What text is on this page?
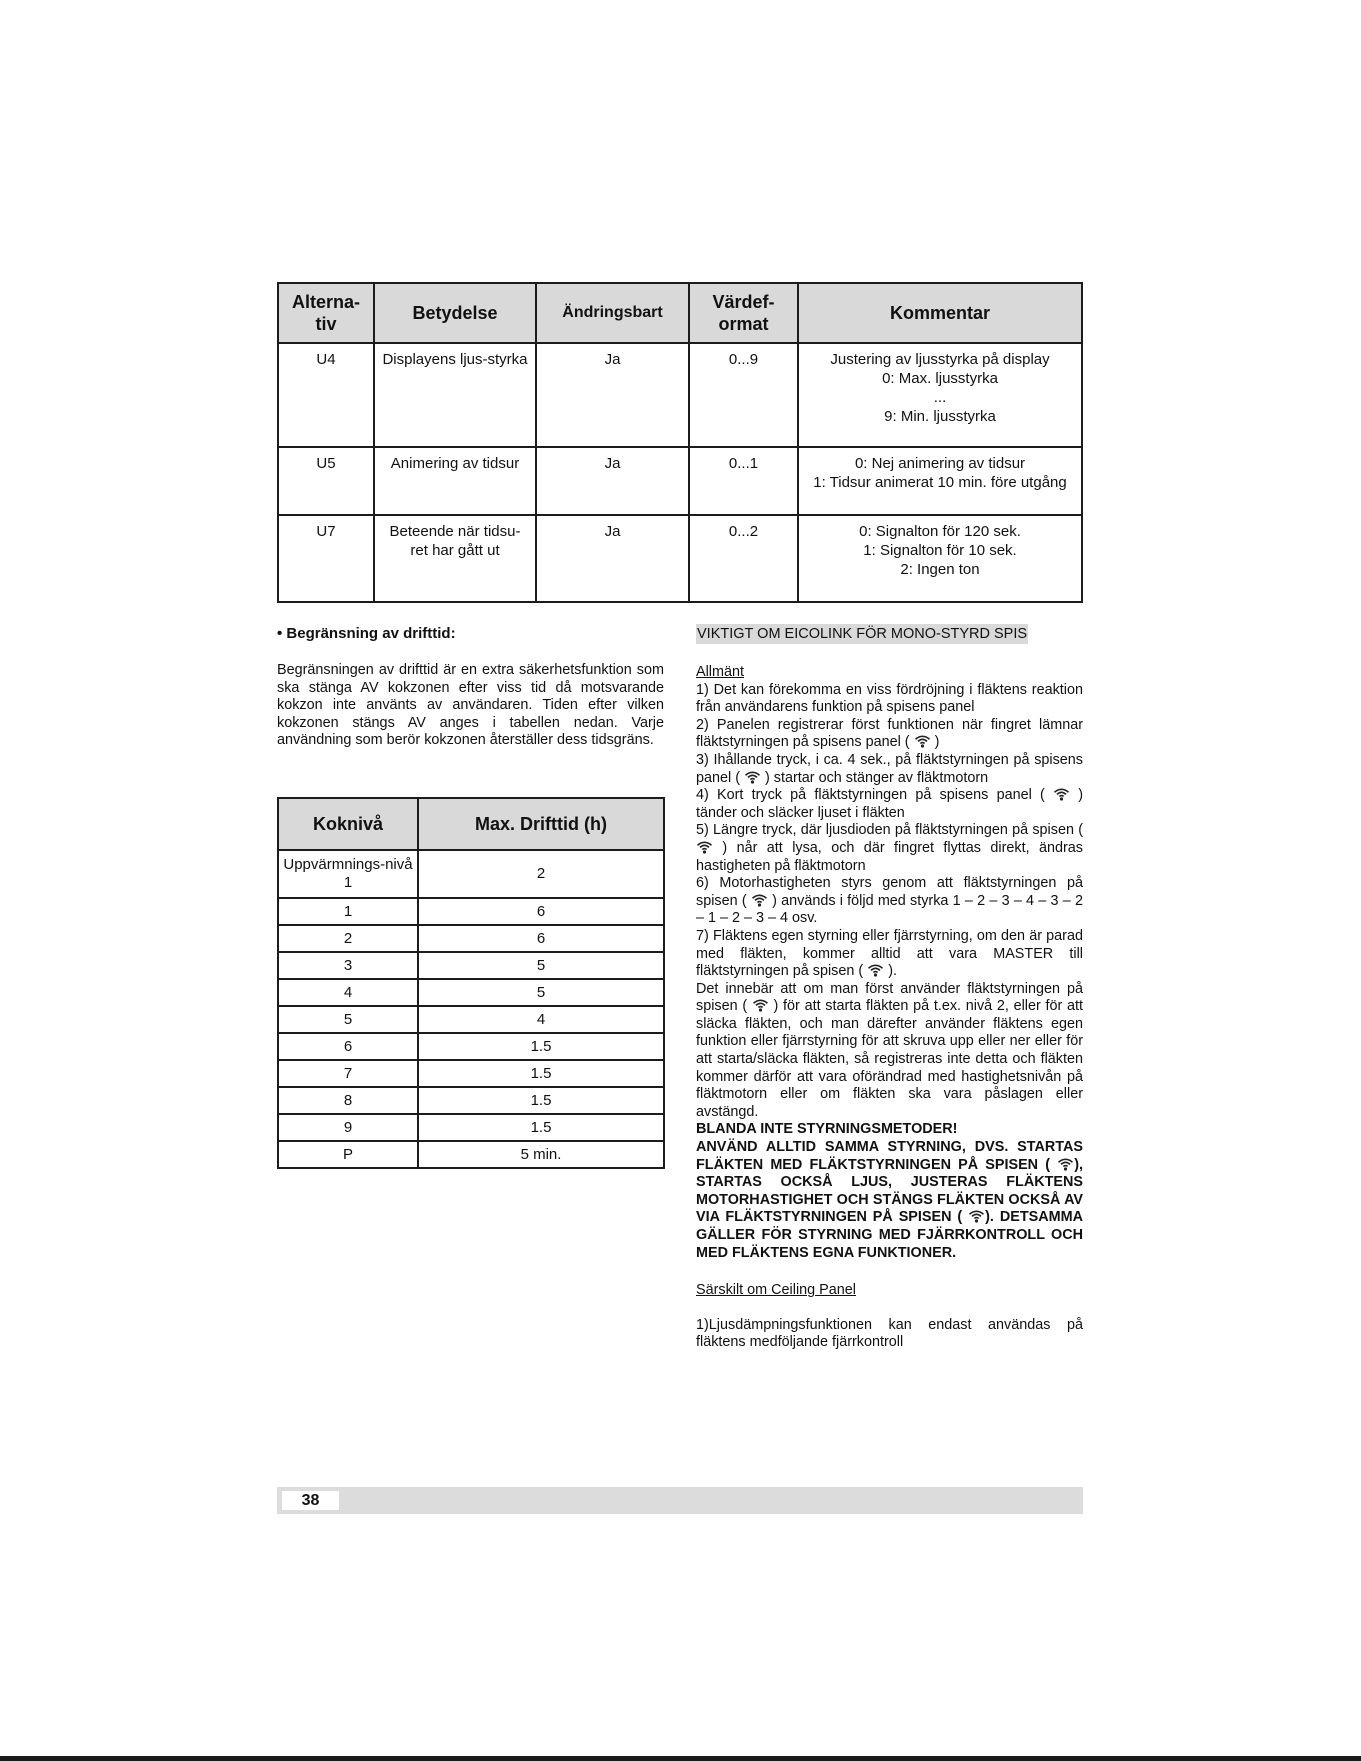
Alterna-tiv	Betydelse	Ändringsbart	Värdef-ormat	Kommentar
U4	Displayens ljus-styrka	Ja	0...9	Justering av ljusstyrka på display
0: Max. ljusstyrka
...
9: Min. ljusstyrka

U5	Animering av tidsur	Ja	0...1	0: Nej animering av tidsur
1: Tidsur animerat 10 min. före utgång

U7	Beteende när tidsu-ret har gått ut	Ja	0...2	0: Signalton för 120 sek.
1: Signalton för 10 sek.
2: Ingen ton

• Begränsning av drifttid:

Begränsningen av drifttid är en extra säkerhetsfunktion som ska stänga AV kokzonen efter viss tid då motsvarande kokzon inte använts av användaren. Tiden efter vilken kokzonen stängs AV anges i tabellen nedan. Varje användning som berör kokzonen återställer dess tidsgräns.

Koknivå	Max. Drifttid (h)
Uppvärmnings-nivå 1	2
1	6
2	6
3	5
4	5
5	4
6	1.5
7	1.5
8	1.5
9	1.5
P	5 min.

VIKTIGT OM EICOLINK FÖR MONO-STYRD SPIS

Allmänt

1) Det kan förekomma en viss fördröjning i fläktens reaktion från användarens funktion på spisens panel

2) Panelen registrerar först funktionen när fingret lämnar fläktstyrningen på spisens panel ( )

3) Ihållande tryck, i ca. 4 sek., på fläktstyrningen på spisens panel ( ) startar och stänger av fläktmotorn

4) Kort tryck på fläktstyrningen på spisens panel ( ) tänder och släcker ljuset i fläkten

5) Längre tryck, där ljusdioden på fläktstyrningen på spisen (  ) når att lysa, och där fingret flyttas direkt, ändras hastigheten på fläktmotorn

6) Motorhastigheten styrs genom att fläktstyrningen på spisen ( ) används i följd med styrka 1 – 2 – 3 – 4 – 3 – 2 – 1 – 2 – 3 – 4 osv.

7) Fläktens egen styrning eller fjärrstyrning, om den är parad med fläkten, kommer alltid att vara MASTER till fläktstyrningen på spisen ( ).

Det innebär att om man först använder fläktstyrningen på spisen ( ) för att starta fläkten på t.ex. nivå 2, eller för att släcka fläkten, och man därefter använder fläktens egen funktion eller fjärrstyrning för att skruva upp eller ner eller för att starta/släcka fläkten, så registreras inte detta och fläkten kommer därför att vara oförändrad med hastighetsnivån på fläktmotorn eller om fläkten ska vara påslagen eller avstängd.

BLANDA INTE STYRNINGSMETODER!

ANVÄND ALLTID SAMMA STYRNING, DVS. STARTAS FLÄKTEN MED FLÄKTSTYRNINGEN PÅ SPISEN ( ), STARTAS OCKSÅ LJUS, JUSTERAS FLÄKTENS MOTORHASTIGHET OCH STÄNGS FLÄKTEN OCKSÅ AV VIA FLÄKTSTYRNINGEN PÅ SPISEN ( ). DETSAMMA GÄLLER FÖR STYRNING MED FJÄRRKONTROLL OCH MED FLÄKTENS EGNA FUNKTIONER.

Särskilt om Ceiling Panel

1)Ljusdämpningsfunktionen kan endast användas på fläktens medföljande fjärrkontroll

38
